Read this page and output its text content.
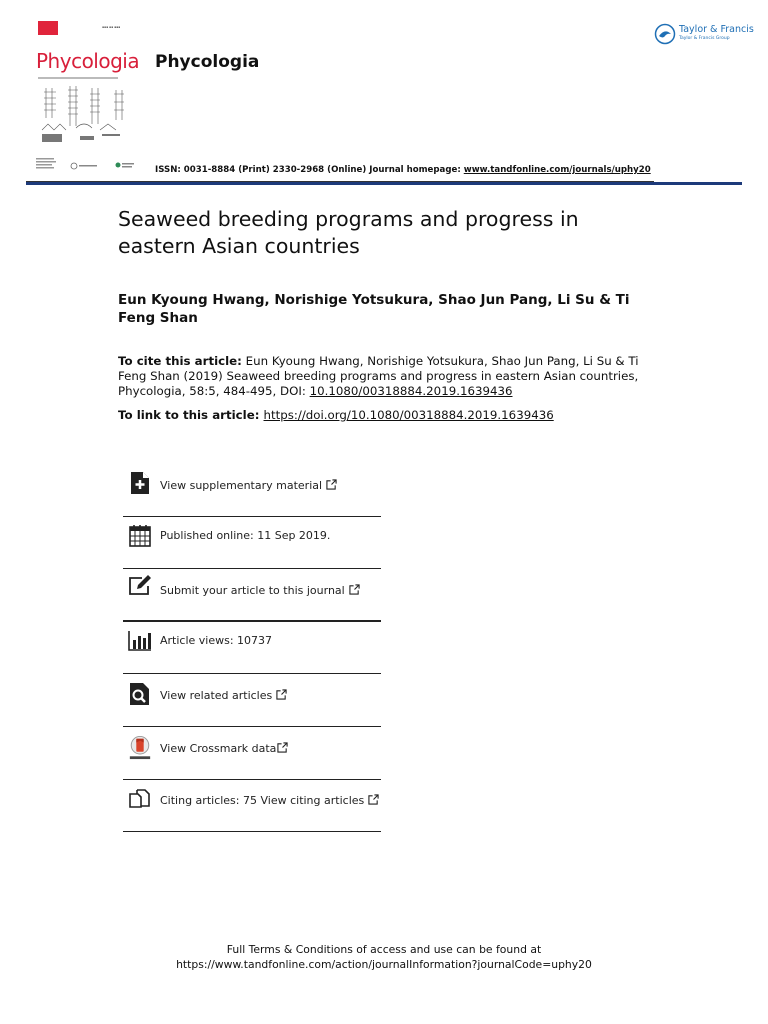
▪▪▪ ▪▪ ▪▪▪
Phycologia Phycologia
Taylor & Francis
Taylor & Francis Group
ISSN: 0031-8884 (Print) 2330-2968 (Online) Journal homepage: www.tandfonline.com/journals/uphy20
Seaweed breeding programs and progress in eastern Asian countries
Eun Kyoung Hwang, Norishige Yotsukura, Shao Jun Pang, Li Su & Ti Feng Shan
To cite this article: Eun Kyoung Hwang, Norishige Yotsukura, Shao Jun Pang, Li Su & Ti Feng Shan (2019) Seaweed breeding programs and progress in eastern Asian countries, Phycologia, 58:5, 484-495, DOI: 10.1080/00318884.2019.1639436
To link to this article: https://doi.org/10.1080/00318884.2019.1639436
View supplementary material
Published online: 11 Sep 2019.
Submit your article to this journal
Article views: 10737
View related articles
View Crossmark data
Citing articles: 75 View citing articles
Full Terms & Conditions of access and use can be found at
https://www.tandfonline.com/action/journalInformation?journalCode=uphy20
